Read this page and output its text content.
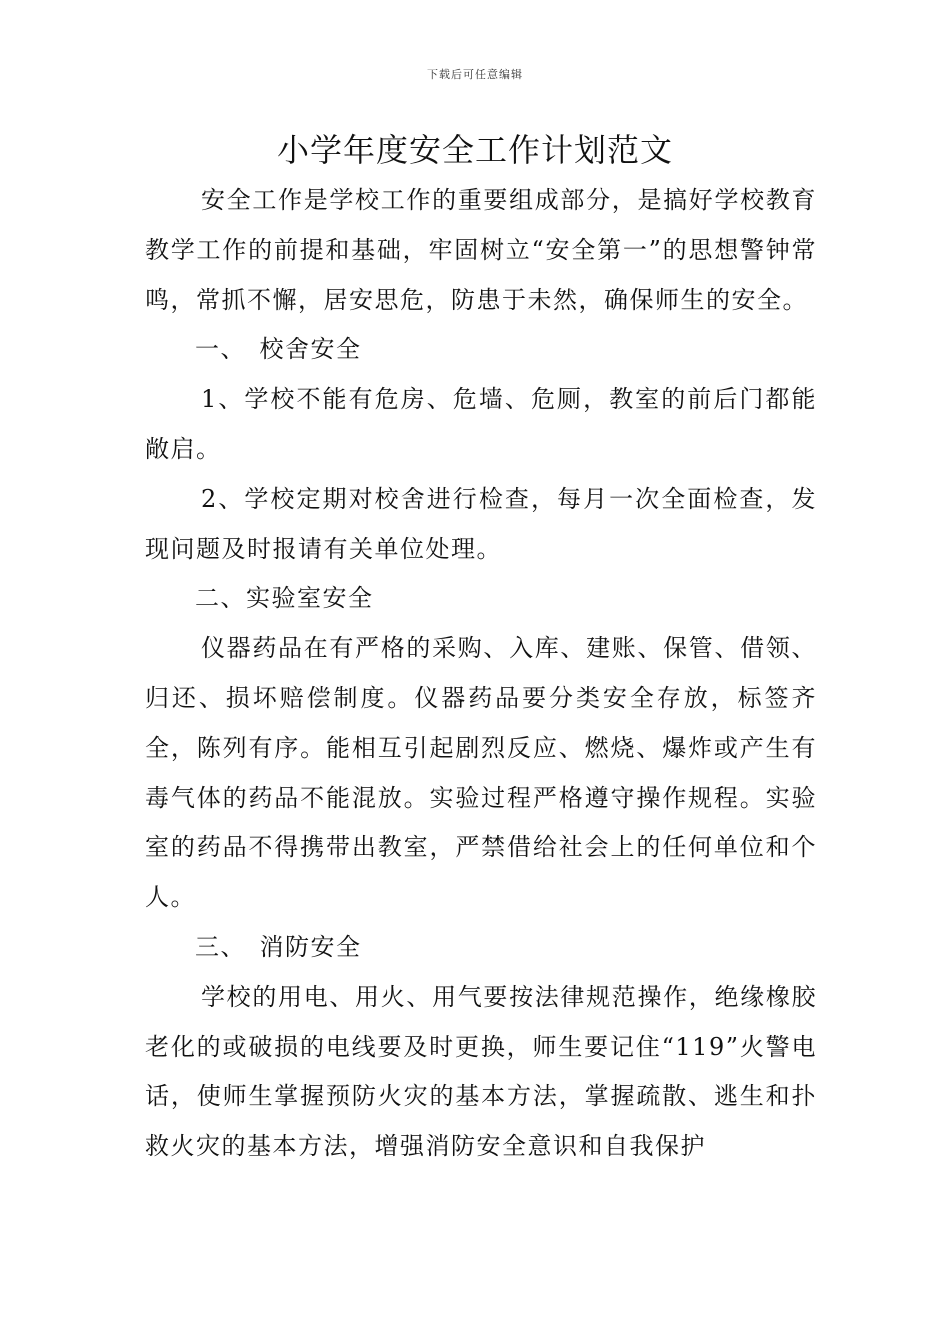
下载后可任意编辑
小学年度安全工作计划范文

安全工作是学校工作的重要组成部分，是搞好学校教育教学工作的前提和基础，牢固树立“安全第一”的思想警钟常鸣，常抓不懈，居安思危，防患于未然，确保师生的安全。

一、　校舍安全

1、学校不能有危房、危墙、危厕，教室的前后门都能敞启。

2、学校定期对校舍进行检查，每月一次全面检查，发现问题及时报请有关单位处理。

二、实验室安全

仪器药品在有严格的采购、入库、建账、保管、借领、归还、损坏赔偿制度。仪器药品要分类安全存放，标签齐全，陈列有序。能相互引起剧烈反应、燃烧、爆炸或产生有毒气体的药品不能混放。实验过程严格遵守操作规程。实验室的药品不得携带出教室，严禁借给社会上的任何单位和个人。

三、　消防安全

学校的用电、用火、用气要按法律规范操作，绝缘橡胶老化的或破损的电线要及时更换，师生要记住“119”火警电话，使师生掌握预防火灾的基本方法，掌握疏散、逃生和扑救火灾的基本方法，增强消防安全意识和自我保护
